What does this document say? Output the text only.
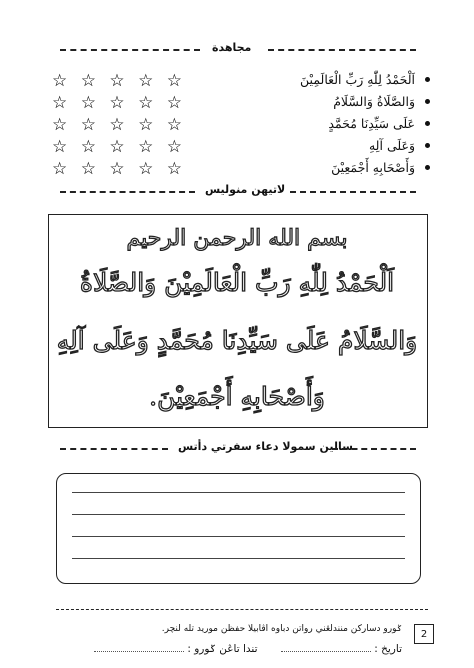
مجاهدة
اَلْحَمْدُ لِلّٰهِ رَبِّ الْعَالَمِيْنَ
وَالصَّلَاةُ وَالسَّلَامُ
عَلَى سَيِّدِنَا مُحَمَّدٍ
وَعَلَى آلِهِ
وَأَصْحَابِهِ أَجْمَعِيْنَ
☆ ☆ ☆ ☆ ☆
☆ ☆ ☆ ☆ ☆
☆ ☆ ☆ ☆ ☆
☆ ☆ ☆ ☆ ☆
☆ ☆ ☆ ☆ ☆
لاتيهن منوليس
بسم الله الرحمن الرحيم
اَلْحَمْدُ لِلّٰهِ رَبِّ الْعَالَمِيْنَ وَالصَّلَاةُ
وَالسَّلَامُ عَلَى سَيِّدِنَا مُحَمَّدٍ وَعَلَى آلِهِ
وَأَصْحَابِهِ أَجْمَعِيْنَ.
سالين سمولا دعاء سفرتي دأتس
ݢورو دساركن منندلڠني رواتن دباوه اڤابيلا حفظن موريد تله لنچر.
تاريخ :  تندا تاڠن ݢورو :
2
